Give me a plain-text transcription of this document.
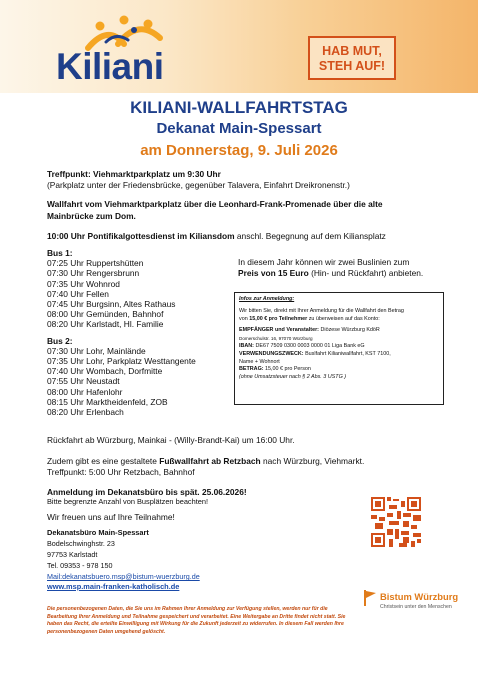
Kiliani	HAB MUT,
STEH AUF!
KILIANI-WALLFAHRTSTAG
Dekanat Main-Spessart
am Donnerstag, 9. Juli 2026
Treffpunkt: Viehmarktparkplatz um 9:30 Uhr
(Parkplatz unter der Friedensbrücke, gegenüber Talavera, Einfahrt Dreikronenstr.)
Wallfahrt vom Viehmarktparkplatz über die Leonhard-Frank-Promenade über die alte
Mainbrücke zum Dom.
10:00 Uhr Pontifikalgottesdienst im Kiliansdom anschl. Begegnung auf dem Kiliansplatz
Bus 1:
07:25 Uhr Ruppertshütten
07:30 Uhr Rengersbrunn
07:35 Uhr Wohnrod
07:40 Uhr Fellen
07:45 Uhr Burgsinn, Altes Rathaus
08:00 Uhr Gemünden, Bahnhof
08:20 Uhr Karlstadt, Hl. Familie
Bus 2:
07:30 Uhr Lohr, Mainlände
07:35 Uhr Lohr, Parkplatz Westtangente
07:40 Uhr Wombach, Dorfmitte
07:55 Uhr Neustadt
08:00 Uhr Hafenlohr
08:15 Uhr Marktheidenfeld, ZOB
08:20 Uhr Erlenbach
In diesem Jahr können wir zwei Buslinien zum
Preis von 15 Euro (Hin- und Rückfahrt) anbieten.
Infos zur Anmeldung:
Wir bitten Sie, direkt mit Ihrer Anmeldung für die Wallfahrt den Betrag
von 15,00 € pro Teilnehmer zu überweisen auf das Konto:
EMPFÄNGER und Veranstalter: Diözese Würzburg KdöR
Domerschulstr. 16, 97070 Würzburg
IBAN: DE67 7509 0300 0003 0000 01 Liga Bank eG
VERWENDUNGSZWECK: Buslfahrt Kilianiwallfahrt, KST 7100,
Name + Wohnort
BETRAG: 15,00 € pro Person
(ohne Umsatzsteuer nach § 2 Abs. 3 USTG )
Rückfahrt ab Würzburg, Mainkai - (Willy-Brandt-Kai) um 16:00 Uhr.
Zudem gibt es eine gestaltete Fußwallfahrt ab Retzbach nach Würzburg, Viehmarkt.
Treffpunkt: 5:00 Uhr Retzbach, Bahnhof
Anmeldung im Dekanatsbüro bis spät. 25.06.2026!
Bitte begrenzte Anzahl von Busplätzen beachten!
Wir freuen uns auf Ihre Teilnahme!
Dekanatsbüro Main-Spessart
Bodelschwinghstr. 23
97753 Karlstadt
Tel. 09353 - 978 150
Mail:dekanatsbuero.msp@bistum-wuerzburg.de
www.msp.main-franken-katholisch.de
Bistum Würzburg
Christsein unter den Menschen
Die personenbezogenen Daten, die Sie uns im Rahmen Ihrer Anmeldung zur Verfügung stellen, werden nur für die Bearbeitung Ihrer Anmeldung und Teilnahme gespeichert und verarbeitet. Eine Weitergabe an Dritte findet nicht statt. Sie haben das Recht, die erteilte Einwilligung mit Wirkung für die Zukunft jederzeit zu widerrufen. In diesem Fall werden Ihre personenbezogenen Daten umgehend gelöscht.
